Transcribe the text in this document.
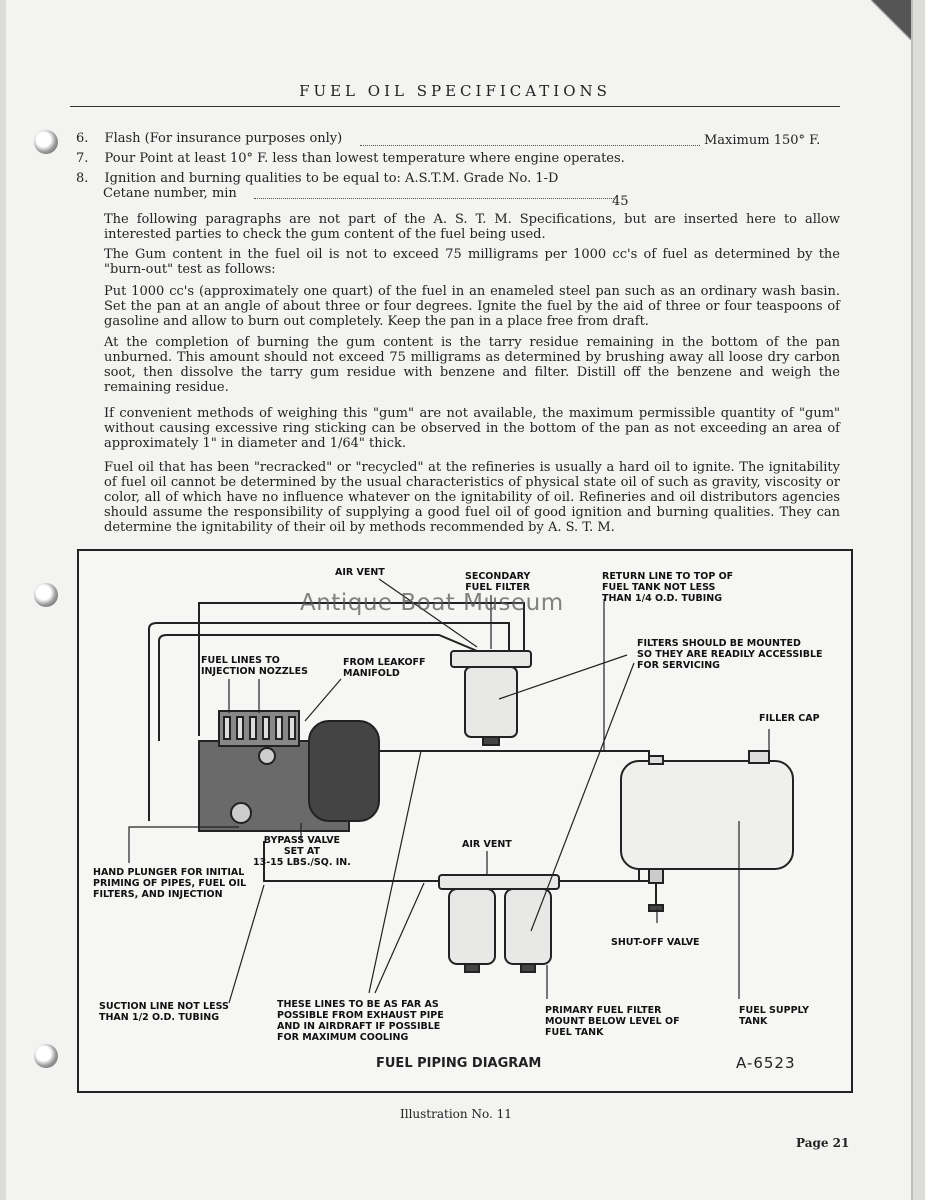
FUEL OIL SPECIFICATIONS
6. Flash (For insurance purposes only)	Maximum 150° F.
7. Pour Point at least 10° F. less than lowest temperature where engine operates.
8. Ignition and burning qualities to be equal to: A.S.T.M. Grade No. 1-D
Cetane number, min
45
The following paragraphs are not part of the A. S. T. M. Specifications, but are inserted here to allow interested parties to check the gum content of the fuel being used.
The Gum content in the fuel oil is not to exceed 75 milligrams per 1000 cc's of fuel as determined by the "burn-out" test as follows:
Put 1000 cc's (approximately one quart) of the fuel in an enameled steel pan such as an ordinary wash basin. Set the pan at an angle of about three or four degrees. Ignite the fuel by the aid of three or four teaspoons of gasoline and allow to burn out completely. Keep the pan in a place free from draft.
At the completion of burning the gum content is the tarry residue remaining in the bottom of the pan unburned. This amount should not exceed 75 milligrams as determined by brushing away all loose dry carbon soot, then dissolve the tarry gum residue with benzene and filter. Distill off the benzene and weigh the remaining residue.
If convenient methods of weighing this "gum" are not available, the maximum permissible quantity of "gum" without causing excessive ring sticking can be observed in the bottom of the pan as not exceeding an area of approximately 1" in diameter and 1/64" thick.
Fuel oil that has been "recracked" or "recycled" at the refineries is usually a hard oil to ignite. The ignitability of fuel oil cannot be determined by the usual characteristics of physical state oil of such as gravity, viscosity or color, all of which have no influence whatever on the ignitability of oil. Refineries and oil distributors agencies should assume the responsibility of supplying a good fuel oil of good ignition and burning qualities. They can determine the ignitability of their oil by methods recommended by A. S. T. M.
AIR VENT	SECONDARY
FUEL FILTER
RETURN LINE TO TOP OF
FUEL TANK NOT LESS
THAN 1/4 O.D. TUBING
FILTERS SHOULD BE MOUNTED
SO THEY ARE READILY ACCESSIBLE
FOR SERVICING
FUEL LINES TO
INJECTION NOZZLES
FROM LEAKOFF
MANIFOLD
FILLER CAP
BYPASS VALVE
SET AT
13-15 LBS./SQ. IN.
AIR VENT
HAND PLUNGER FOR INITIAL
PRIMING OF PIPES, FUEL OIL
FILTERS, AND INJECTION
SHUT-OFF VALVE
SUCTION LINE NOT LESS
THAN 1/2 O.D. TUBING
THESE LINES TO BE AS FAR AS
POSSIBLE FROM EXHAUST PIPE
AND IN AIRDRAFT IF POSSIBLE
FOR MAXIMUM COOLING
PRIMARY FUEL FILTER
MOUNT BELOW LEVEL OF
FUEL TANK
FUEL SUPPLY
TANK
Antique Boat Museum
FUEL PIPING DIAGRAM	A-6523
Illustration No. 11
Page 21
